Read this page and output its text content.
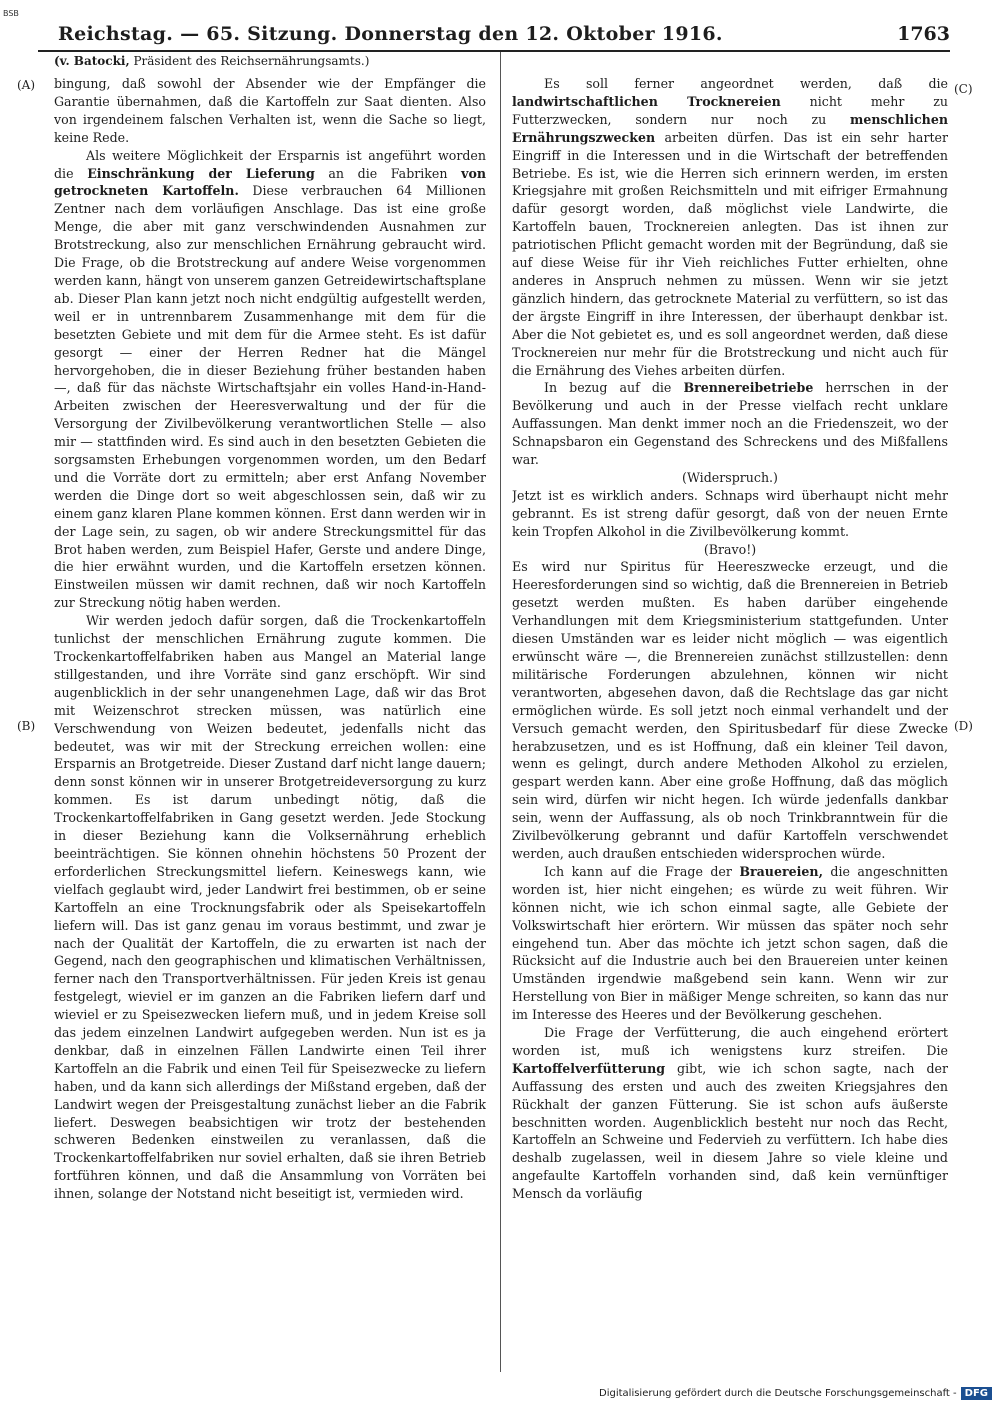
BSB
Reichstag. — 65. Sitzung. Donnerstag den 12. Oktober 1916.	1763
(v. Batocki, Präsident des Reichsernährungsamts.)
(A)
(B)
(C)
(D)

bingung, daß sowohl der Absender wie der Empfänger die Garantie übernahmen, daß die Kartoffeln zur Saat dienten. Also von irgendeinem falschen Verhalten ist, wenn die Sache so liegt, keine Rede.

Als weitere Möglichkeit der Ersparnis ist angeführt worden die Einschränkung der Lieferung an die Fabriken von getrockneten Kartoffeln. Diese verbrauchen 64 Millionen Zentner nach dem vorläufigen Anschlage. Das ist eine große Menge, die aber mit ganz verschwindenden Ausnahmen zur Brotstreckung, also zur menschlichen Ernährung gebraucht wird. Die Frage, ob die Brotstreckung auf andere Weise vorgenommen werden kann, hängt von unserem ganzen Getreidewirtschaftsplane ab. Dieser Plan kann jetzt noch nicht endgültig aufgestellt werden, weil er in untrennbarem Zusammenhange mit dem für die besetzten Gebiete und mit dem für die Armee steht. Es ist dafür gesorgt — einer der Herren Redner hat die Mängel hervorgehoben, die in dieser Beziehung früher bestanden haben —, daß für das nächste Wirtschaftsjahr ein volles Hand-in-Hand-Arbeiten zwischen der Heeresverwaltung und der für die Versorgung der Zivilbevölkerung verantwortlichen Stelle — also mir — stattfinden wird. Es sind auch in den besetzten Gebieten die sorgsamsten Erhebungen vorgenommen worden, um den Bedarf und die Vorräte dort zu ermitteln; aber erst Anfang November werden die Dinge dort so weit abgeschlossen sein, daß wir zu einem ganz klaren Plane kommen können. Erst dann werden wir in der Lage sein, zu sagen, ob wir andere Streckungsmittel für das Brot haben werden, zum Beispiel Hafer, Gerste und andere Dinge, die hier erwähnt wurden, und die Kartoffeln ersetzen können. Einstweilen müssen wir damit rechnen, daß wir noch Kartoffeln zur Streckung nötig haben werden.

Wir werden jedoch dafür sorgen, daß die Trockenkartoffeln tunlichst der menschlichen Ernährung zugute kommen. Die Trockenkartoffelfabriken haben aus Mangel an Material lange stillgestanden, und ihre Vorräte sind ganz erschöpft. Wir sind augenblicklich in der sehr unangenehmen Lage, daß wir das Brot mit Weizenschrot strecken müssen, was natürlich eine Verschwendung von Weizen bedeutet, jedenfalls nicht das bedeutet, was wir mit der Streckung erreichen wollen: eine Ersparnis an Brotgetreide. Dieser Zustand darf nicht lange dauern; denn sonst können wir in unserer Brotgetreideversorgung zu kurz kommen. Es ist darum unbedingt nötig, daß die Trockenkartoffelfabriken in Gang gesetzt werden. Jede Stockung in dieser Beziehung kann die Volksernährung erheblich beeinträchtigen. Sie können ohnehin höchstens 50 Prozent der erforderlichen Streckungsmittel liefern. Keineswegs kann, wie vielfach geglaubt wird, jeder Landwirt frei bestimmen, ob er seine Kartoffeln an eine Trocknungsfabrik oder als Speisekartoffeln liefern will. Das ist ganz genau im voraus bestimmt, und zwar je nach der Qualität der Kartoffeln, die zu erwarten ist nach der Gegend, nach den geographischen und klimatischen Verhältnissen, ferner nach den Transportverhältnissen. Für jeden Kreis ist genau festgelegt, wieviel er im ganzen an die Fabriken liefern darf und wieviel er zu Speisezwecken liefern muß, und in jedem Kreise soll das jedem einzelnen Landwirt aufgegeben werden. Nun ist es ja denkbar, daß in einzelnen Fällen Landwirte einen Teil ihrer Kartoffeln an die Fabrik und einen Teil für Speisezwecke zu liefern haben, und da kann sich allerdings der Mißstand ergeben, daß der Landwirt wegen der Preisgestaltung zunächst lieber an die Fabrik liefert. Deswegen beabsichtigen wir trotz der bestehenden schweren Bedenken einstweilen zu veranlassen, daß die Trockenkartoffelfabriken nur soviel erhalten, daß sie ihren Betrieb fortführen können, und daß die Ansammlung von Vorräten bei ihnen, solange der Notstand nicht beseitigt ist, vermieden wird.

Es soll ferner angeordnet werden, daß die landwirtschaftlichen Trocknereien nicht mehr zu Futterzwecken, sondern nur noch zu menschlichen Ernährungszwecken arbeiten dürfen. Das ist ein sehr harter Eingriff in die Interessen und in die Wirtschaft der betreffenden Betriebe. Es ist, wie die Herren sich erinnern werden, im ersten Kriegsjahre mit großen Reichsmitteln und mit eifriger Ermahnung dafür gesorgt worden, daß möglichst viele Landwirte, die Kartoffeln bauen, Trocknereien anlegten. Das ist ihnen zur patriotischen Pflicht gemacht worden mit der Begründung, daß sie auf diese Weise für ihr Vieh reichliches Futter erhielten, ohne anderes in Anspruch nehmen zu müssen. Wenn wir sie jetzt gänzlich hindern, das getrocknete Material zu verfüttern, so ist das der ärgste Eingriff in ihre Interessen, der überhaupt denkbar ist. Aber die Not gebietet es, und es soll angeordnet werden, daß diese Trocknereien nur mehr für die Brotstreckung und nicht auch für die Ernährung des Viehes arbeiten dürfen.

In bezug auf die Brennereibetriebe herrschen in der Bevölkerung und auch in der Presse vielfach recht unklare Auffassungen. Man denkt immer noch an die Friedenszeit, wo der Schnapsbaron ein Gegenstand des Schreckens und des Mißfallens war.

(Widerspruch.)

Jetzt ist es wirklich anders. Schnaps wird überhaupt nicht mehr gebrannt. Es ist streng dafür gesorgt, daß von der neuen Ernte kein Tropfen Alkohol in die Zivilbevölkerung kommt.

(Bravo!)

Es wird nur Spiritus für Heereszwecke erzeugt, und die Heeresforderungen sind so wichtig, daß die Brennereien in Betrieb gesetzt werden mußten. Es haben darüber eingehende Verhandlungen mit dem Kriegsministerium stattgefunden. Unter diesen Umständen war es leider nicht möglich — was eigentlich erwünscht wäre —, die Brennereien zunächst stillzustellen: denn militärische Forderungen abzulehnen, können wir nicht verantworten, abgesehen davon, daß die Rechtslage das gar nicht ermöglichen würde. Es soll jetzt noch einmal verhandelt und der Versuch gemacht werden, den Spiritusbedarf für diese Zwecke herabzusetzen, und es ist Hoffnung, daß ein kleiner Teil davon, wenn es gelingt, durch andere Methoden Alkohol zu erzielen, gespart werden kann. Aber eine große Hoffnung, daß das möglich sein wird, dürfen wir nicht hegen. Ich würde jedenfalls dankbar sein, wenn der Auffassung, als ob noch Trinkbranntwein für die Zivilbevölkerung gebrannt und dafür Kartoffeln verschwendet werden, auch draußen entschieden widersprochen würde.

Ich kann auf die Frage der Brauereien, die angeschnitten worden ist, hier nicht eingehen; es würde zu weit führen. Wir können nicht, wie ich schon einmal sagte, alle Gebiete der Volkswirtschaft hier erörtern. Wir müssen das später noch sehr eingehend tun. Aber das möchte ich jetzt schon sagen, daß die Rücksicht auf die Industrie auch bei den Brauereien unter keinen Umständen irgendwie maßgebend sein kann. Wenn wir zur Herstellung von Bier in mäßiger Menge schreiten, so kann das nur im Interesse des Heeres und der Bevölkerung geschehen.

Die Frage der Verfütterung, die auch eingehend erörtert worden ist, muß ich wenigstens kurz streifen. Die Kartoffelverfütterung gibt, wie ich schon sagte, nach der Auffassung des ersten und auch des zweiten Kriegsjahres den Rückhalt der ganzen Fütterung. Sie ist schon aufs äußerste beschnitten worden. Augenblicklich besteht nur noch das Recht, Kartoffeln an Schweine und Federvieh zu verfüttern. Ich habe dies deshalb zugelassen, weil in diesem Jahre so viele kleine und angefaulte Kartoffeln vorhanden sind, daß kein vernünftiger Mensch da vorläufig

Digitalisierung gefördert durch die Deutsche Forschungsgemeinschaft - DFG
